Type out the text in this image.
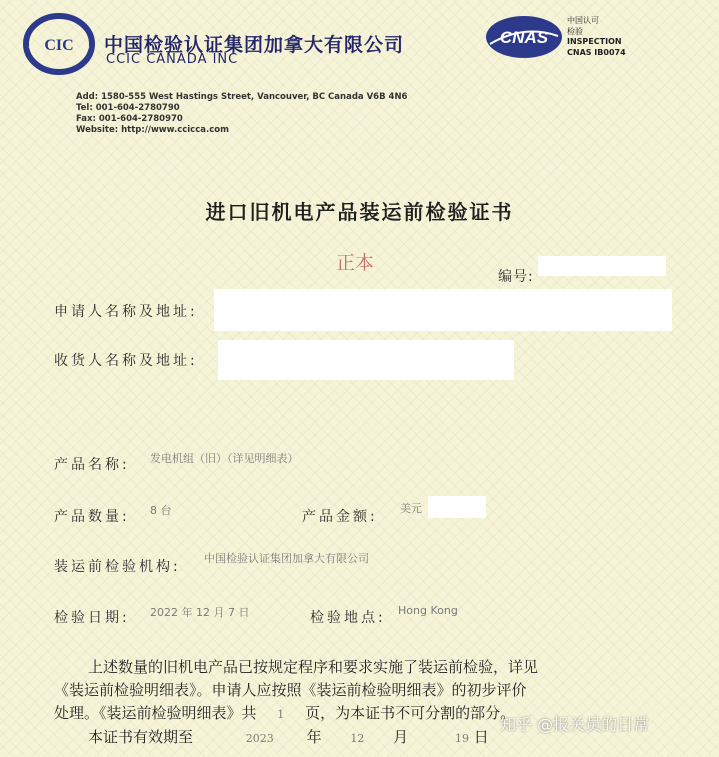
CIC 中国检验认证集团加拿大有限公司
CCIC CANADA INC
CNAS
中国认可
检验
INSPECTION
CNAS IB0074
Add: 1580-555 West Hastings Street, Vancouver, BC Canada V6B 4N6
Tel: 001-604-2780790
Fax: 001-604-2780970
Website: http://www.ccicca.com
进口旧机电产品装运前检验证书
正本
编号:
申请人名称及地址:
收货人名称及地址:
产品名称: 发电机组（旧）（详见明细表）
产品数量: 8 台	产品金额:
美元
装运前检验机构:
中国检验认证集团加拿大有限公司
检验日期: 2022 年 12 月 7 日	检验地点: Hong Kong
上述数量的旧机电产品已按规定程序和要求实施了装运前检验，详见
《装运前检验明细表》。申请人应按照《装运前检验明细表》的初步评价
处理。《装运前检验明细表》共 1 页，为本证书不可分割的部分。
本证书有效期至	2023 年	12 月	19 日
知乎 @报关员的日常
